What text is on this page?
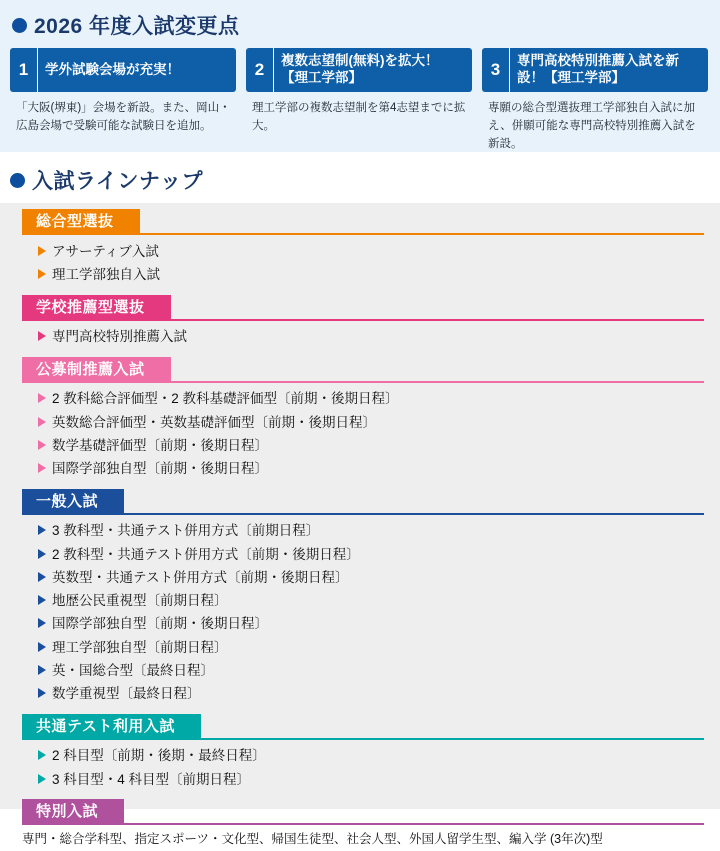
2026 年度入試変更点
1	学外試験会場が充実！
「大阪(堺東)」会場を新設。また、岡山・広島会場で受験可能な試験日を追加。
2	複数志望制(無料)を拡大！【理工学部】
理工学部の複数志望制を第4志望までに拡大。
3	専門高校特別推薦入試を新設！【理工学部】
専願の総合型選抜理工学部独自入試に加え、併願可能な専門高校特別推薦入試を新設。
入試ラインナップ
総合型選抜
アサーティブ入試
理工学部独自入試
学校推薦型選抜
専門高校特別推薦入試
公募制推薦入試
2 教科総合評価型・2 教科基礎評価型〔前期・後期日程〕
英数総合評価型・英数基礎評価型〔前期・後期日程〕
数学基礎評価型〔前期・後期日程〕
国際学部独自型〔前期・後期日程〕
一般入試
3 教科型・共通テスト併用方式〔前期日程〕
2 教科型・共通テスト併用方式〔前期・後期日程〕
英数型・共通テスト併用方式〔前期・後期日程〕
地歴公民重視型〔前期日程〕
国際学部独自型〔前期・後期日程〕
理工学部独自型〔前期日程〕
英・国総合型〔最終日程〕
数学重視型〔最終日程〕
共通テスト利用入試
2 科目型〔前期・後期・最終日程〕
3 科目型・4 科目型〔前期日程〕
特別入試
専門・総合学科型、指定スポーツ・文化型、帰国生徒型、社会人型、外国人留学生型、編入学 (3年次)型
